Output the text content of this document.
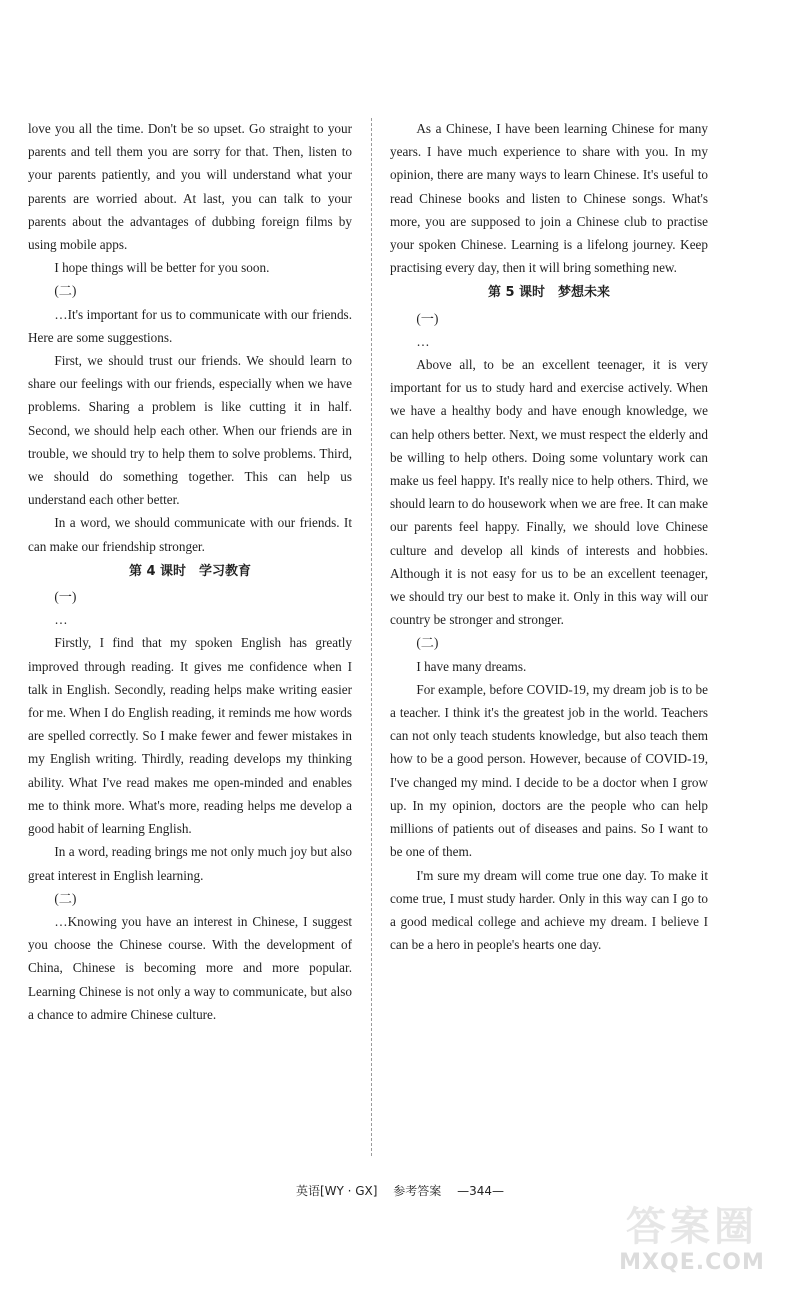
love you all the time. Don't be so upset. Go straight to your parents and tell them you are sorry for that. Then, listen to your parents patiently, and you will understand what your parents are worried about. At last, you can talk to your parents about the advantages of dubbing foreign films by using mobile apps.

I hope things will be better for you soon.

(二)

…It's important for us to communicate with our friends. Here are some suggestions.

First, we should trust our friends. We should learn to share our feelings with our friends, especially when we have problems. Sharing a problem is like cutting it in half. Second, we should help each other. When our friends are in trouble, we should try to help them to solve problems. Third, we should do something together. This can help us understand each other better.

In a word, we should communicate with our friends. It can make our friendship stronger.

第 4 课时　学习教育

(一)

…

Firstly, I find that my spoken English has greatly improved through reading. It gives me confidence when I talk in English. Secondly, reading helps make writing easier for me. When I do English reading, it reminds me how words are spelled correctly. So I make fewer and fewer mistakes in my English writing. Thirdly, reading develops my thinking ability. What I've read makes me open-minded and enables me to think more. What's more, reading helps me develop a good habit of learning English.

In a word, reading brings me not only much joy but also great interest in English learning.

(二)

…Knowing you have an interest in Chinese, I suggest you choose the Chinese course. With the development of China, Chinese is becoming more and more popular. Learning Chinese is not only a way to communicate, but also a chance to admire Chinese culture.

As a Chinese, I have been learning Chinese for many years. I have much experience to share with you. In my opinion, there are many ways to learn Chinese. It's useful to read Chinese books and listen to Chinese songs. What's more, you are supposed to join a Chinese club to practise your spoken Chinese. Learning is a lifelong journey. Keep practising every day, then it will bring something new.

第 5 课时　梦想未来

(一)

…

Above all, to be an excellent teenager, it is very important for us to study hard and exercise actively. When we have a healthy body and have enough knowledge, we can help others better. Next, we must respect the elderly and be willing to help others. Doing some voluntary work can make us feel happy. It's really nice to help others. Third, we should learn to do housework when we are free. It can make our parents feel happy. Finally, we should love Chinese culture and develop all kinds of interests and hobbies. Although it is not easy for us to be an excellent teenager, we should try our best to make it. Only in this way will our country be stronger and stronger.

(二)

I have many dreams.

For example, before COVID-19, my dream job is to be a teacher. I think it's the greatest job in the world. Teachers can not only teach students knowledge, but also teach them how to be a good person. However, because of COVID-19, I've changed my mind. I decide to be a doctor when I grow up. In my opinion, doctors are the people who can help millions of patients out of diseases and pains. So I want to be one of them.

I'm sure my dream will come true one day. To make it come true, I must study harder. Only in this way can I go to a good medical college and achieve my dream. I believe I can be a hero in people's hearts one day.

英语[WY · GX] 参考答案 —344—
答案圈
MXQE.COM
